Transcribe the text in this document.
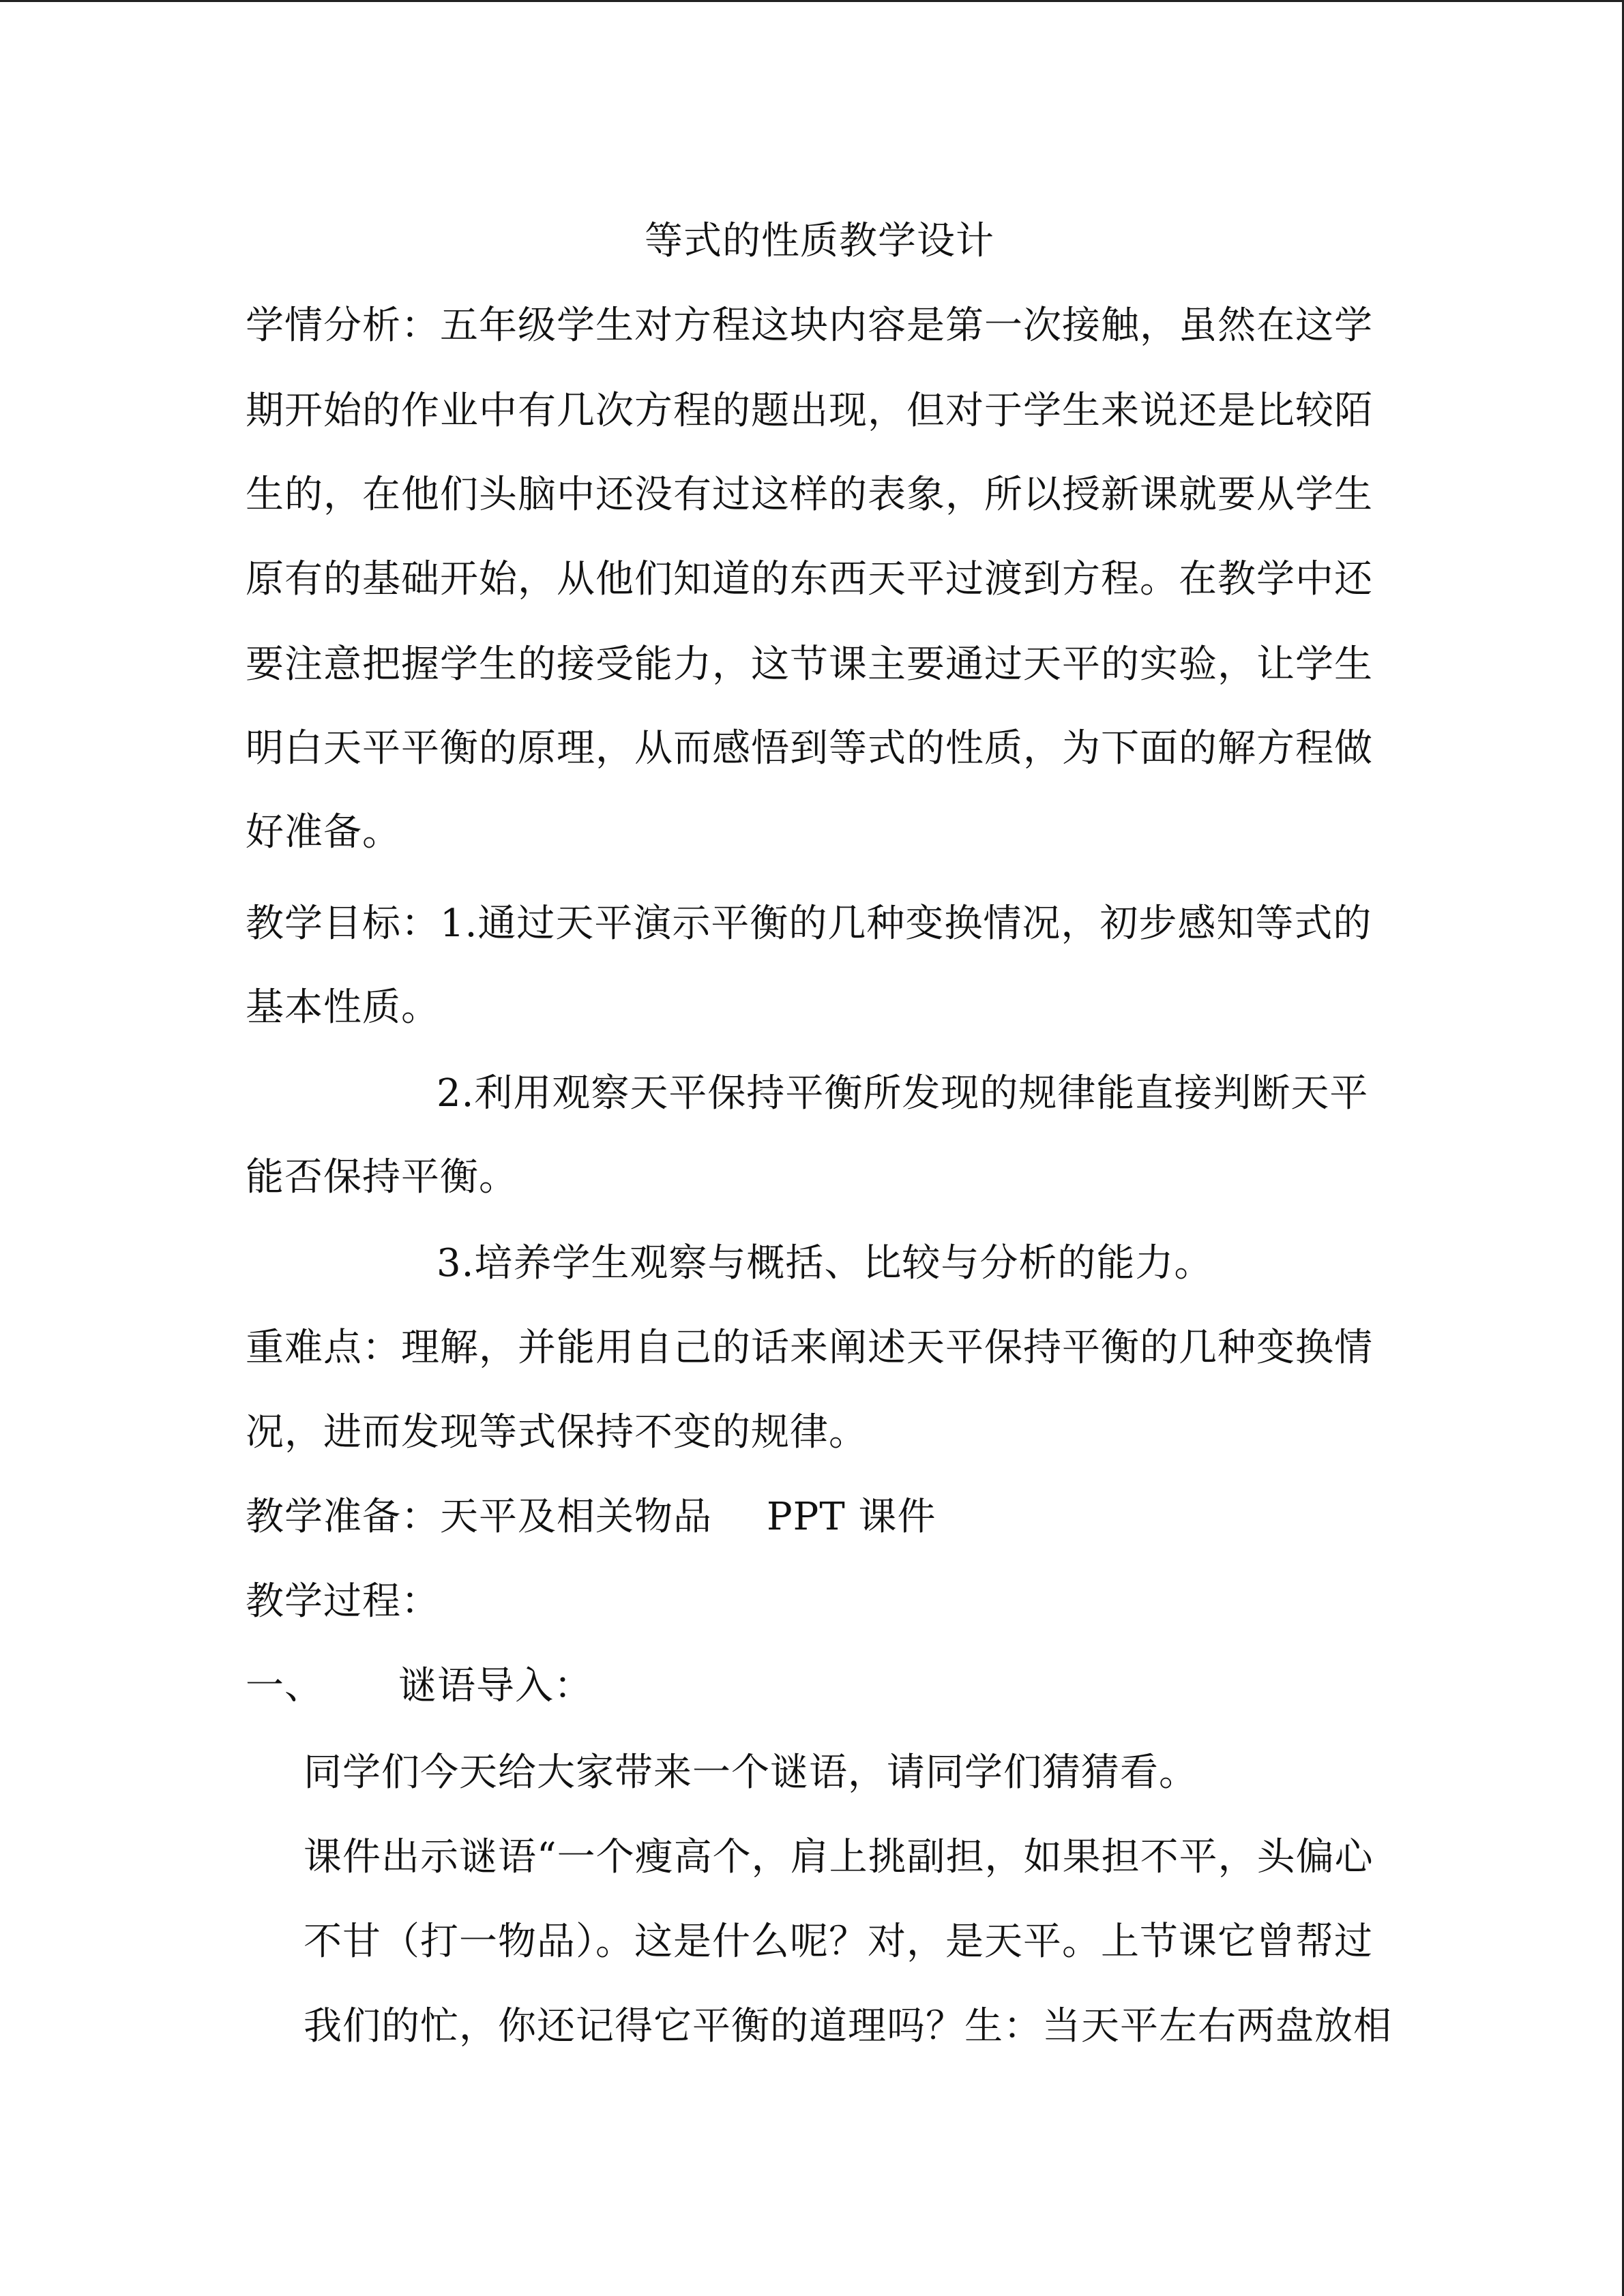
等式的性质教学设计
学情分析：五年级学生对方程这块内容是第一次接触，虽然在这学
期开始的作业中有几次方程的题出现，但对于学生来说还是比较陌
生的，在他们头脑中还没有过这样的表象，所以授新课就要从学生
原有的基础开始，从他们知道的东西天平过渡到方程。在教学中还
要注意把握学生的接受能力，这节课主要通过天平的实验，让学生
明白天平平衡的原理，从而感悟到等式的性质，为下面的解方程做
好准备。
教学目标：1.通过天平演示平衡的几种变换情况，初步感知等式的
基本性质。
2.利用观察天平保持平衡所发现的规律能直接判断天平
能否保持平衡。
3.培养学生观察与概括、比较与分析的能力。
重难点：理解，并能用自己的话来阐述天平保持平衡的几种变换情
况，进而发现等式保持不变的规律。
教学准备：天平及相关物品 PPT 课件
教学过程：
一、 谜语导入：
同学们今天给大家带来一个谜语，请同学们猜猜看。
课件出示谜语“一个瘦高个，肩上挑副担，如果担不平，头偏心
不甘（打一物品）。这是什么呢？对，是天平。上节课它曾帮过
我们的忙，你还记得它平衡的道理吗？生：当天平左右两盘放相
